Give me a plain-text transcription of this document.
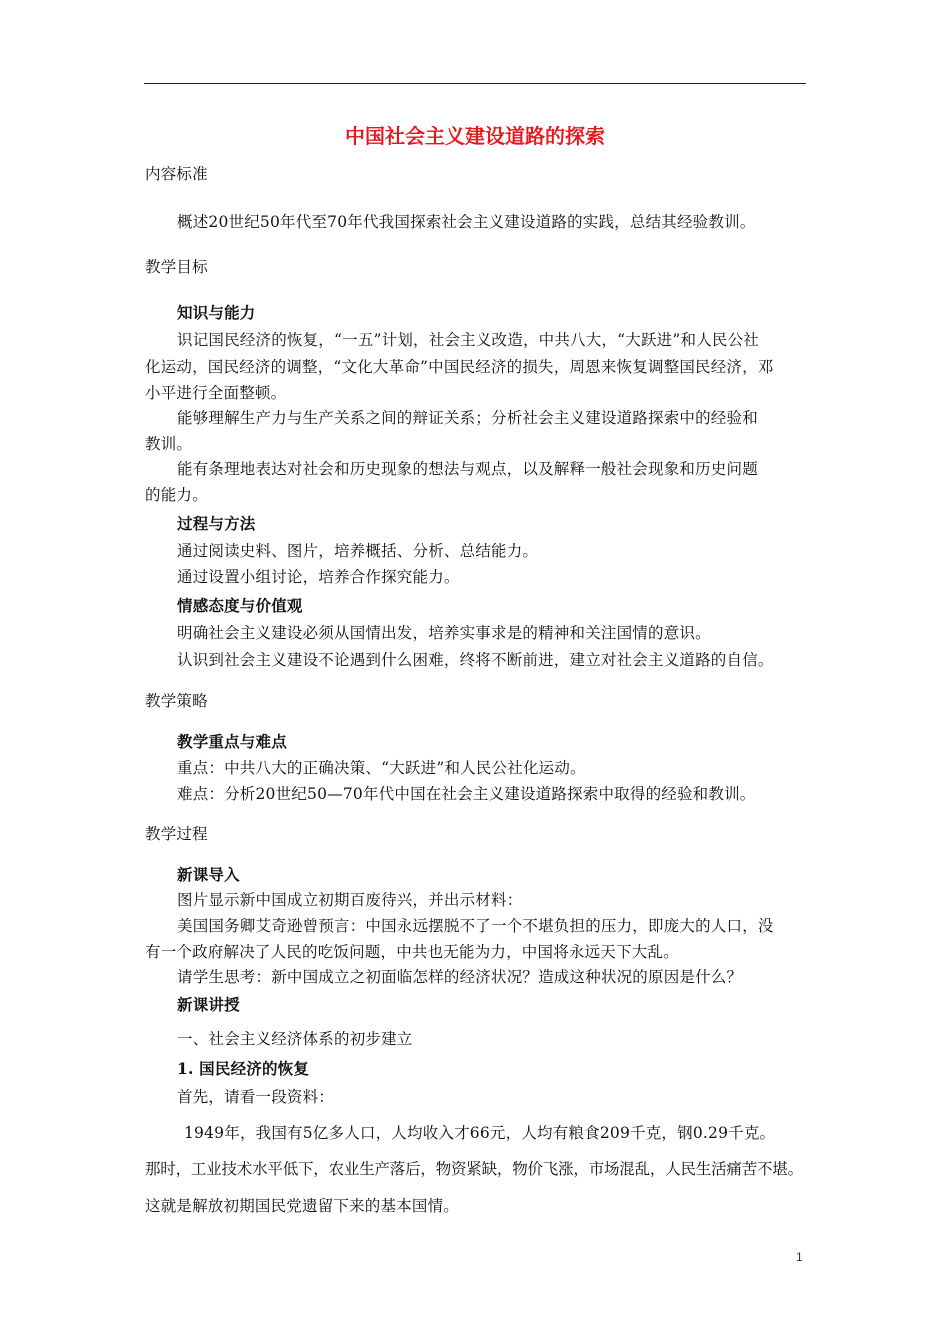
中国社会主义建设道路的探索
内容标准
概述20世纪50年代至70年代我国探索社会主义建设道路的实践，总结其经验教训。
教学目标
知识与能力
识记国民经济的恢复，“一五”计划，社会主义改造，中共八大，“大跃进”和人民公社
化运动，国民经济的调整，“文化大革命”中国民经济的损失，周恩来恢复调整国民经济，邓
小平进行全面整顿。
能够理解生产力与生产关系之间的辩证关系；分析社会主义建设道路探索中的经验和
教训。
能有条理地表达对社会和历史现象的想法与观点，以及解释一般社会现象和历史问题
的能力。
过程与方法
通过阅读史料、图片，培养概括、分析、总结能力。
通过设置小组讨论，培养合作探究能力。
情感态度与价值观
明确社会主义建设必须从国情出发，培养实事求是的精神和关注国情的意识。
认识到社会主义建设不论遇到什么困难，终将不断前进，建立对社会主义道路的自信。
教学策略
教学重点与难点
重点：中共八大的正确决策、“大跃进”和人民公社化运动。
难点：分析20世纪50—70年代中国在社会主义建设道路探索中取得的经验和教训。
教学过程
新课导入
图片显示新中国成立初期百废待兴，并出示材料：
美国国务卿艾奇逊曾预言：中国永远摆脱不了一个不堪负担的压力，即庞大的人口，没
有一个政府解决了人民的吃饭问题，中共也无能为力，中国将永远天下大乱。
请学生思考：新中国成立之初面临怎样的经济状况？造成这种状况的原因是什么？
新课讲授
一、社会主义经济体系的初步建立
1. 国民经济的恢复
首先，请看一段资料：
1949年，我国有5亿多人口，人均收入才66元，人均有粮食209千克，钢0.29千克。
那时，工业技术水平低下，农业生产落后，物资紧缺，物价飞涨，市场混乱，人民生活痛苦不堪。
这就是解放初期国民党遗留下来的基本国情。
1
